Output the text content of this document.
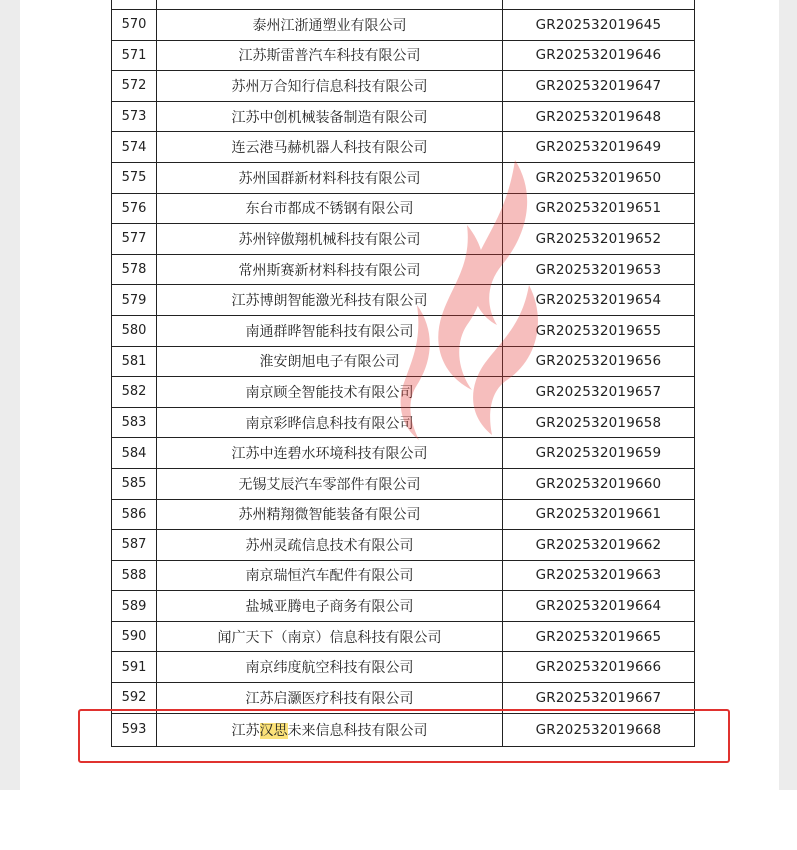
570	泰州江浙通塑业有限公司	GR202532019645
571	江苏斯雷普汽车科技有限公司	GR202532019646
572	苏州万合知行信息科技有限公司	GR202532019647
573	江苏中创机械装备制造有限公司	GR202532019648
574	连云港马赫机器人科技有限公司	GR202532019649
575	苏州国群新材料科技有限公司	GR202532019650
576	东台市都成不锈钢有限公司	GR202532019651
577	苏州锌傲翔机械科技有限公司	GR202532019652
578	常州斯赛新材料科技有限公司	GR202532019653
579	江苏博朗智能激光科技有限公司	GR202532019654
580	南通群晔智能科技有限公司	GR202532019655
581	淮安朗旭电子有限公司	GR202532019656
582	南京顾全智能技术有限公司	GR202532019657
583	南京彩晔信息科技有限公司	GR202532019658
584	江苏中连碧水环境科技有限公司	GR202532019659
585	无锡艾辰汽车零部件有限公司	GR202532019660
586	苏州精翔微智能装备有限公司	GR202532019661
587	苏州灵疏信息技术有限公司	GR202532019662
588	南京瑞恒汽车配件有限公司	GR202532019663
589	盐城亚腾电子商务有限公司	GR202532019664
590	闻广天下（南京）信息科技有限公司	GR202532019665
591	南京纬度航空科技有限公司	GR202532019666
592	江苏启灏医疗科技有限公司	GR202532019667
593	江苏汉思未来信息科技有限公司	GR202532019668
